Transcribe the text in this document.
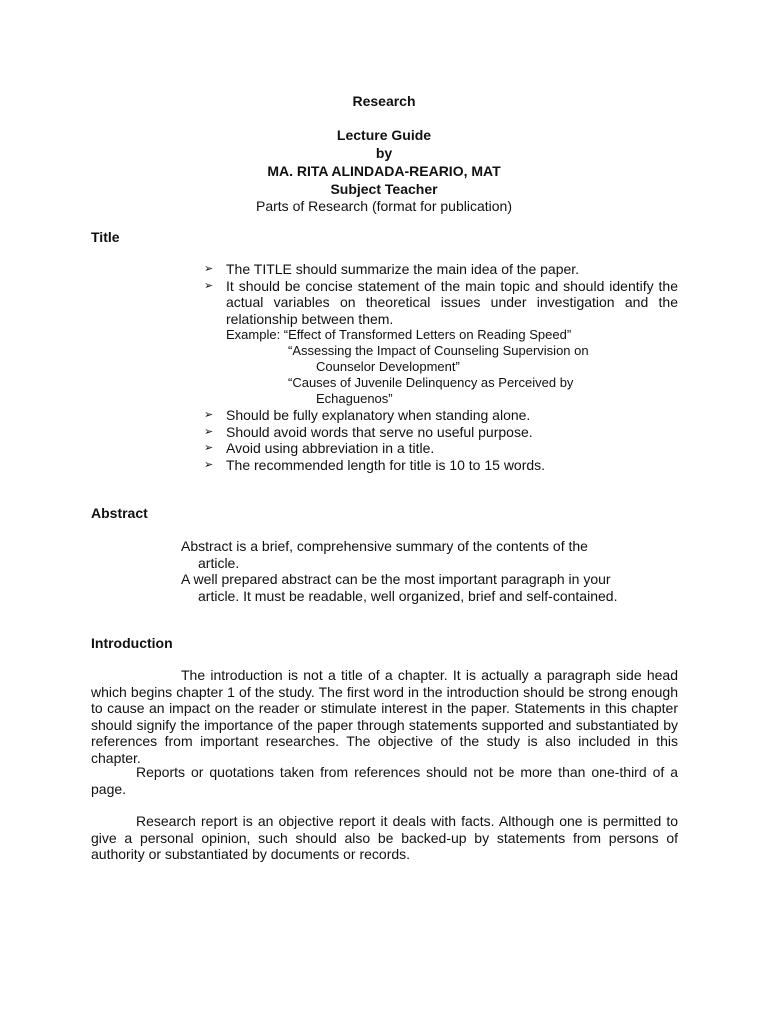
Research
Lecture Guide
by
MA. RITA ALINDADA-REARIO, MAT
Subject Teacher
Parts of Research (format for publication)
Title
➢ The TITLE should summarize the main idea of the paper.
➢ It should be concise statement of the main topic and should identify the actual variables on theoretical issues under investigation and the relationship between them.
Example: “Effect of Transformed Letters on Reading Speed”
“Assessing the Impact of Counseling Supervision on
Counselor Development”
“Causes of Juvenile Delinquency as Perceived by
Echaguenos”
➢ Should be fully explanatory when standing alone.
➢ Should avoid words that serve no useful purpose.
➢ Avoid using abbreviation in a title.
➢ The recommended length for title is 10 to 15 words.
Abstract
Abstract is a brief, comprehensive summary of the contents of the article.
A well prepared abstract can be the most important paragraph in your article. It must be readable, well organized, brief and self-contained.
Introduction
The introduction is not a title of a chapter. It is actually a paragraph side head which begins chapter 1 of the study. The first word in the introduction should be strong enough to cause an impact on the reader or stimulate interest in the paper. Statements in this chapter should signify the importance of the paper through statements supported and substantiated by references from important researches. The objective of the study is also included in this chapter.
Reports or quotations taken from references should not be more than one-third of a page.
Research report is an objective report it deals with facts. Although one is permitted to give a personal opinion, such should also be backed-up by statements from persons of authority or substantiated by documents or records.
